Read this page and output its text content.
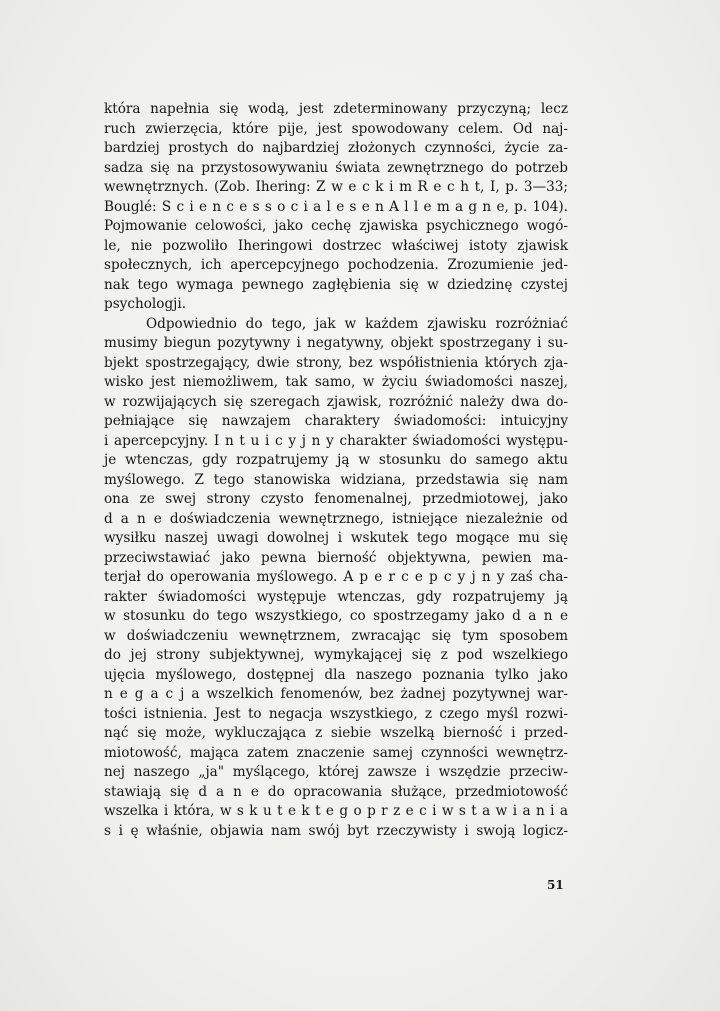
która napełnia się wodą, jest zdeterminowany przyczyną; lecz
ruch zwierzęcia, które pije, jest spowodowany celem. Od naj-
bardziej prostych do najbardziej złożonych czynności, życie za-
sadza się na przystosowywaniu świata zewnętrznego do potrzeb
wewnętrznych. (Zob. Ihering: Z w e c k i m R e c h t, I, p. 3—33;
Bouglé: S c i e n c e s s o c i a l e s e n A l l e m a g n e, p. 104).
Pojmowanie celowości, jako cechę zjawiska psychicznego wogó-
le, nie pozwoliło Iheringowi dostrzec właściwej istoty zjawisk
społecznych, ich apercepcyjnego pochodzenia. Zrozumienie jed-
nak tego wymaga pewnego zagłębienia się w dziedzinę czystej
psychologji.
Odpowiednio do tego, jak w każdem zjawisku rozróżniać
musimy biegun pozytywny i negatywny, objekt spostrzegany i su-
bjekt spostrzegający, dwie strony, bez współistnienia których zja-
wisko jest niemożliwem, tak samo, w życiu świadomości naszej,
w rozwijających się szeregach zjawisk, rozróżnić należy dwa do-
pełniające się nawzajem charaktery świadomości: intuicyjny
i apercepcyjny. I n t u i c y j n y charakter świadomości występu-
je wtenczas, gdy rozpatrujemy ją w stosunku do samego aktu
myślowego. Z tego stanowiska widziana, przedstawia się nam
ona ze swej strony czysto fenomenalnej, przedmiotowej, jako
d a n e doświadczenia wewnętrznego, istniejące niezależnie od
wysiłku naszej uwagi dowolnej i wskutek tego mogące mu się
przeciwstawiać jako pewna bierność objektywna, pewien ma-
terjał do operowania myślowego. A p e r c e p c y j n y zaś cha-
rakter świadomości występuje wtenczas, gdy rozpatrujemy ją
w stosunku do tego wszystkiego, co spostrzegamy jako d a n e
w doświadczeniu wewnętrznem, zwracając się tym sposobem
do jej strony subjektywnej, wymykającej się z pod wszelkiego
ujęcia myślowego, dostępnej dla naszego poznania tylko jako
n e g a c j a wszelkich fenomenów, bez żadnej pozytywnej war-
tości istnienia. Jest to negacja wszystkiego, z czego myśl rozwi-
nąć się może, wykluczająca z siebie wszelką bierność i przed-
miotowość, mająca zatem znaczenie samej czynności wewnętrz-
nej naszego „ja" myślącego, której zawsze i wszędzie przeciw-
stawiają się d a n e do opracowania służące, przedmiotowość
wszelka i która, w s k u t e k t e g o p r z e c i w s t a w i a n i a
s i ę właśnie, objawia nam swój byt rzeczywisty i swoją logicz-
51
